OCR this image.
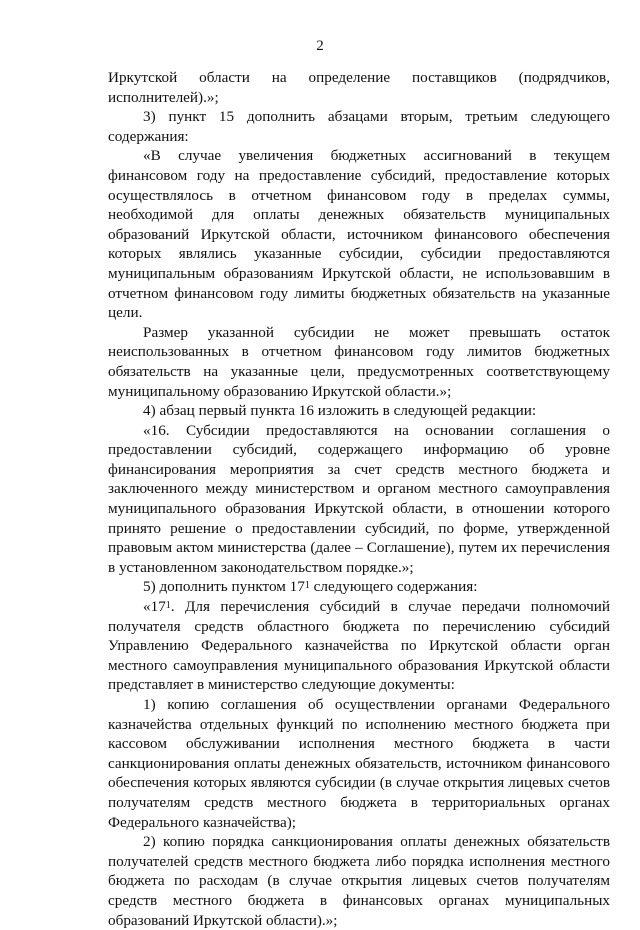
2

Иркутской области на определение поставщиков (подрядчиков, исполнителей).»;

3) пункт 15 дополнить абзацами вторым, третьим следующего содержания:

«В случае увеличения бюджетных ассигнований в текущем финансовом году на предоставление субсидий, предоставление которых осуществлялось в отчетном финансовом году в пределах суммы, необходимой для оплаты денежных обязательств муниципальных образований Иркутской области, источником финансового обеспечения которых являлись указанные субсидии, субсидии предоставляются муниципальным образованиям Иркутской области, не использовавшим в отчетном финансовом году лимиты бюджетных обязательств на указанные цели.

Размер указанной субсидии не может превышать остаток неиспользованных в отчетном финансовом году лимитов бюджетных обязательств на указанные цели, предусмотренных соответствующему муниципальному образованию Иркутской области.»;

4) абзац первый пункта 16 изложить в следующей редакции:

«16. Субсидии предоставляются на основании соглашения о предоставлении субсидий, содержащего информацию об уровне финансирования мероприятия за счет средств местного бюджета и заключенного между министерством и органом местного самоуправления муниципального образования Иркутской области, в отношении которого принято решение о предоставлении субсидий, по форме, утвержденной правовым актом министерства (далее – Соглашение), путем их перечисления в установленном законодательством порядке.»;

5) дополнить пунктом $17^1$ следующего содержания:

«$17^1$. Для перечисления субсидий в случае передачи полномочий получателя средств областного бюджета по перечислению субсидий Управлению Федерального казначейства по Иркутской области орган местного самоуправления муниципального образования Иркутской области представляет в министерство следующие документы:

1) копию соглашения об осуществлении органами Федерального казначейства отдельных функций по исполнению местного бюджета при кассовом обслуживании исполнения местного бюджета в части санкционирования оплаты денежных обязательств, источником финансового обеспечения которых являются субсидии (в случае открытия лицевых счетов получателям средств местного бюджета в территориальных органах Федерального казначейства);

2) копию порядка санкционирования оплаты денежных обязательств получателей средств местного бюджета либо порядка исполнения местного бюджета по расходам (в случае открытия лицевых счетов получателям средств местного бюджета в финансовых органах муниципальных образований Иркутской области).»;
